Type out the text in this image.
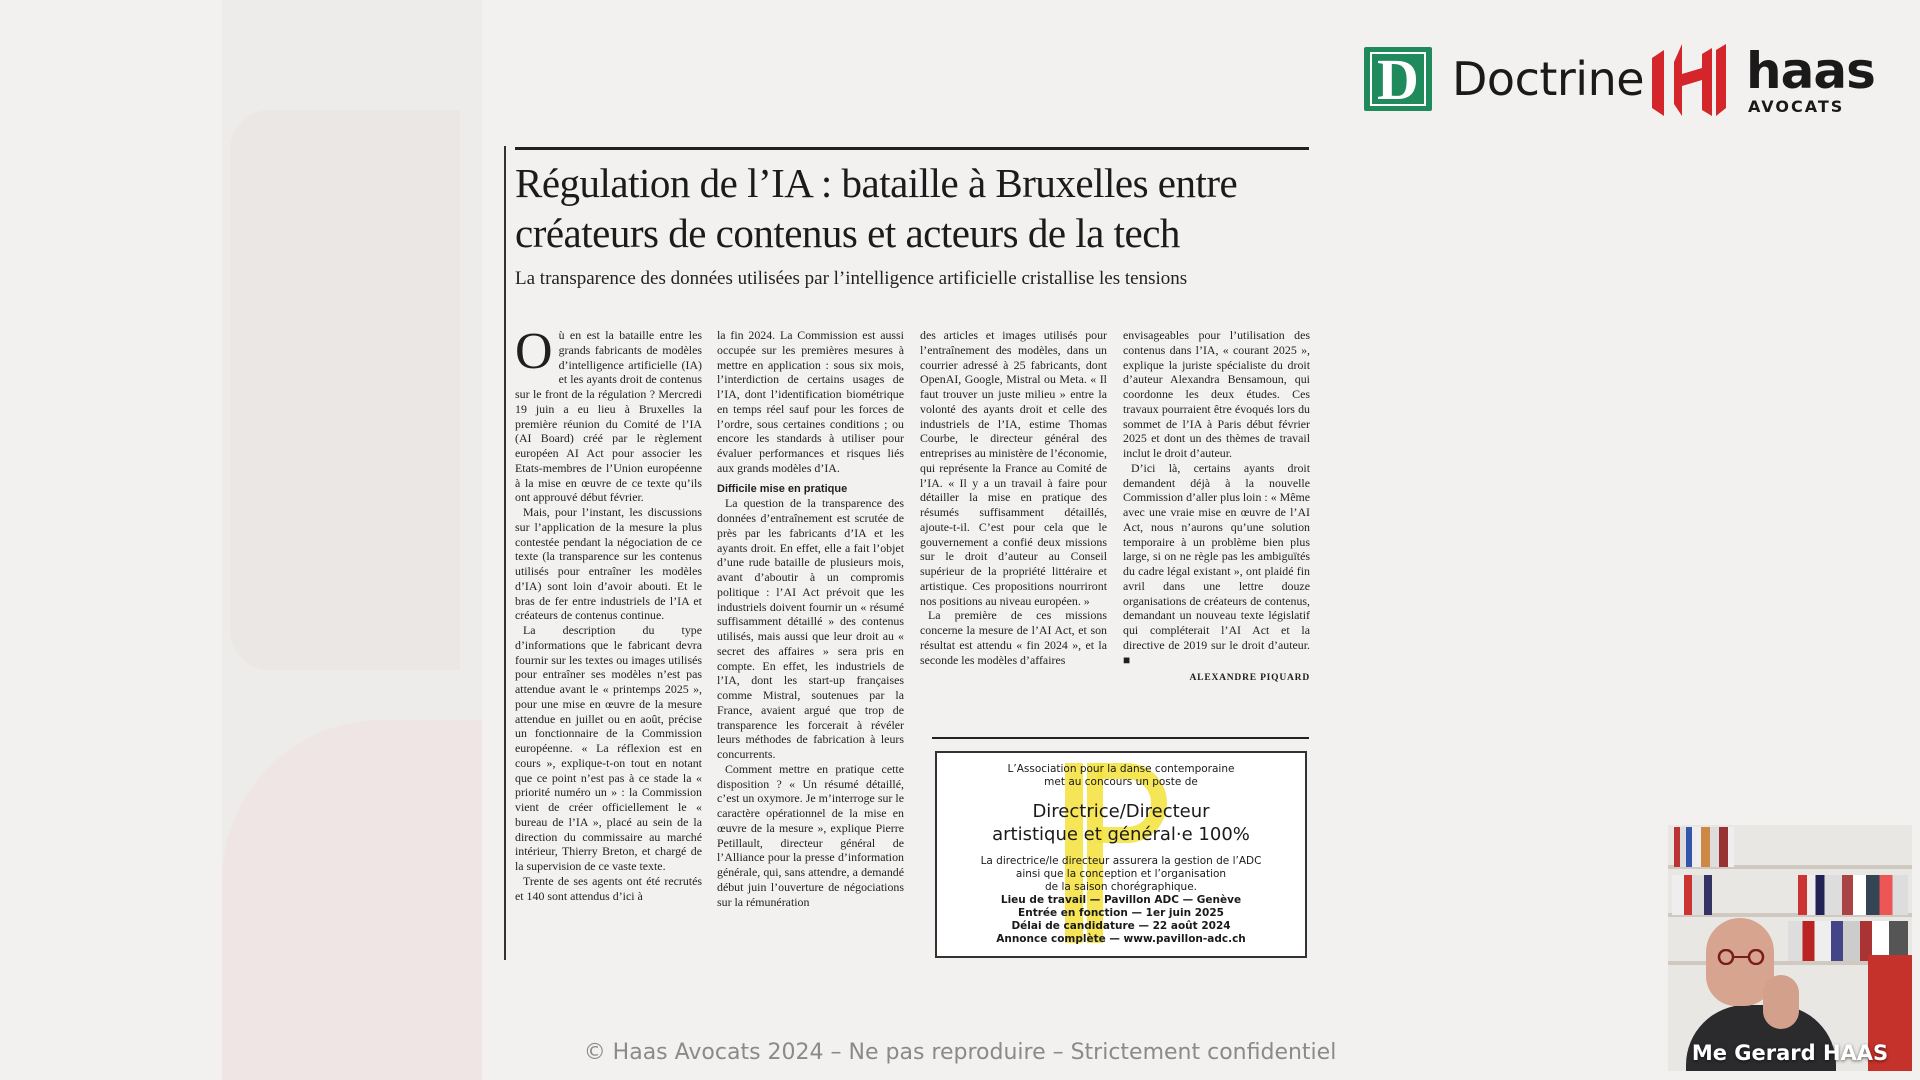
D Doctrine haas
AVOCATS
Régulation de l’IA : bataille à Bruxelles entre créateurs de contenus et acteurs de la tech
La transparence des données utilisées par l’intelligence artificielle cristallise les tensions

Où en est la bataille entre les grands fabricants de modèles d’intelligence artificielle (IA) et les ayants droit de contenus sur le front de la régulation ? Mercredi 19 juin a eu lieu à Bruxelles la première réunion du Comité de l’IA (AI Board) créé par le règlement européen AI Act pour associer les Etats-membres de l’Union européenne à la mise en œuvre de ce texte qu’ils ont approuvé début février.

Mais, pour l’instant, les discussions sur l’application de la mesure la plus contestée pendant la négociation de ce texte (la transparence sur les contenus utilisés pour entraîner les modèles d’IA) sont loin d’avoir abouti. Et le bras de fer entre industriels de l’IA et créateurs de contenus continue.

La description du type d’informations que le fabricant devra fournir sur les textes ou images utilisés pour entraîner ses modèles n’est pas attendue avant le « printemps 2025 », pour une mise en œuvre de la mesure attendue en juillet ou en août, précise un fonctionnaire de la Commission européenne. « La réflexion est en cours », explique-t-on tout en notant que ce point n’est pas à ce stade la « priorité numéro un » : la Commission vient de créer officiellement le « bureau de l’IA », placé au sein de la direction du commissaire au marché intérieur, Thierry Breton, et chargé de la supervision de ce vaste texte.

Trente de ses agents ont été recrutés et 140 sont attendus d’ici à

la fin 2024. La Commission est aussi occupée sur les premières mesures à mettre en application : sous six mois, l’interdiction de certains usages de l’IA, dont l’identification biométrique en temps réel sauf pour les forces de l’ordre, sous certaines conditions ; ou encore les standards à utiliser pour évaluer performances et risques liés aux grands modèles d’IA.

Difficile mise en pratique

La question de la transparence des données d’entraînement est scrutée de près par les fabricants d’IA et les ayants droit. En effet, elle a fait l’objet d’une rude bataille de plusieurs mois, avant d’aboutir à un compromis politique : l’AI Act prévoit que les industriels doivent fournir un « résumé suffisamment détaillé » des contenus utilisés, mais aussi que leur droit au « secret des affaires » sera pris en compte. En effet, les industriels de l’IA, dont les start-up françaises comme Mistral, soutenues par la France, avaient argué que trop de transparence les forcerait à révéler leurs méthodes de fabrication à leurs concurrents.

Comment mettre en pratique cette disposition ? « Un résumé détaillé, c’est un oxymore. Je m’interroge sur le caractère opérationnel de la mise en œuvre de la mesure », explique Pierre Petillault, directeur général de l’Alliance pour la presse d’information générale, qui, sans attendre, a demandé début juin l’ouverture de négociations sur la rémunération

des articles et images utilisés pour l’entraînement des modèles, dans un courrier adressé à 25 fabricants, dont OpenAI, Google, Mistral ou Meta. « Il faut trouver un juste milieu » entre la volonté des ayants droit et celle des industriels de l’IA, estime Thomas Courbe, le directeur général des entreprises au ministère de l’économie, qui représente la France au Comité de l’IA. « Il y a un travail à faire pour détailler la mise en pratique des résumés suffisamment détaillés, ajoute-t-il. C’est pour cela que le gouvernement a confié deux missions sur le droit d’auteur au Conseil supérieur de la propriété littéraire et artistique. Ces propositions nourriront nos positions au niveau européen. »

La première de ces missions concerne la mesure de l’AI Act, et son résultat est attendu « fin 2024 », et la seconde les modèles d’affaires

envisageables pour l’utilisation des contenus dans l’IA, « courant 2025 », explique la juriste spécialiste du droit d’auteur Alexandra Bensamoun, qui coordonne les deux études. Ces travaux pourraient être évoqués lors du sommet de l’IA à Paris début février 2025 et dont un des thèmes de travail inclut le droit d’auteur.

D’ici là, certains ayants droit demandent déjà à la nouvelle Commission d’aller plus loin : « Même avec une vraie mise en œuvre de l’AI Act, nous n’aurons qu’une solution temporaire à un problème bien plus large, si on ne règle pas les ambiguïtés du cadre légal existant », ont plaidé fin avril dans une lettre douze organisations de créateurs de contenus, demandant un nouveau texte législatif qui compléterait l’AI Act et la directive de 2019 sur le droit d’auteur. ■

ALEXANDRE PIQUARD
L’Association pour la danse contemporaine
met au concours un poste de
Directrice/Directeur
artistique et général·e 100%
La directrice/le directeur assurera la gestion de l’ADC
ainsi que la conception et l’organisation
de la saison chorégraphique.
Lieu de travail — Pavillon ADC — Genève
Entrée en fonction — 1er juin 2025
Délai de candidature — 22 août 2024
Annonce complète — www.pavillon-adc.ch
© Haas Avocats 2024 – Ne pas reproduire – Strictement confidentiel	Me Gerard HAAS
